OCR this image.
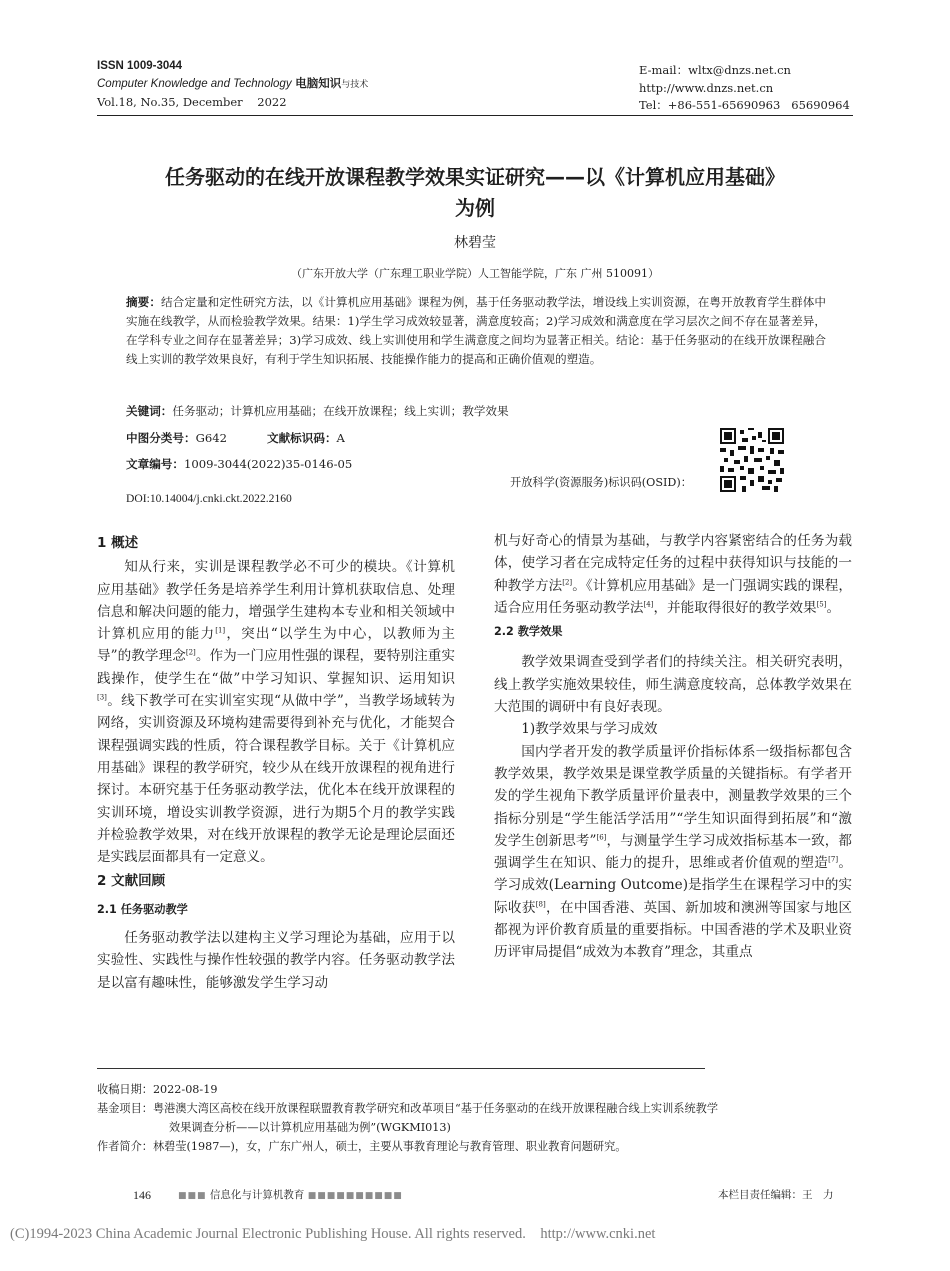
ISSN 1009-3044
Computer Knowledge and Technology 电脑知识与技术
Vol.18, No.35, December    2022
E-mail：wltx@dnzs.net.cn
http://www.dnzs.net.cn
Tel：+86-551-65690963   65690964
任务驱动的在线开放课程教学效果实证研究——以《计算机应用基础》
为例
林碧莹
（广东开放大学（广东理工职业学院）人工智能学院，广东 广州 510091）
摘要：结合定量和定性研究方法，以《计算机应用基础》课程为例，基于任务驱动教学法，增设线上实训资源，在粤开放教育学生群体中实施在线教学，从而检验教学效果。结果：1)学生学习成效较显著，满意度较高；2)学习成效和满意度在学习层次之间不存在显著差异，在学科专业之间存在显著差异；3)学习成效、线上实训使用和学生满意度之间均为显著正相关。结论：基于任务驱动的在线开放课程融合线上实训的教学效果良好，有利于学生知识拓展、技能操作能力的提高和正确价值观的塑造。
关键词：任务驱动；计算机应用基础；在线开放课程；线上实训；教学效果
中图分类号：G642	文献标识码：A
文章编号：1009-3044(2022)35-0146-05
开放科学(资源服务)标识码(OSID)：
DOI:10.14004/j.cnki.ckt.2022.2160
1 概述

知从行来，实训是课程教学必不可少的模块。《计算机应用基础》教学任务是培养学生利用计算机获取信息、处理信息和解决问题的能力，增强学生建构本专业和相关领域中计算机应用的能力[1]，突出“以学生为中心，以教师为主导”的教学理念[2]。作为一门应用性强的课程，要特别注重实践操作，使学生在“做”中学习知识、掌握知识、运用知识[3]。线下教学可在实训室实现“从做中学”，当教学场域转为网络，实训资源及环境构建需要得到补充与优化，才能契合课程强调实践的性质，符合课程教学目标。关于《计算机应用基础》课程的教学研究，较少从在线开放课程的视角进行探讨。本研究基于任务驱动教学法，优化本在线开放课程的实训环境，增设实训教学资源，进行为期5个月的教学实践并检验教学效果，对在线开放课程的教学无论是理论层面还是实践层面都具有一定意义。

2 文献回顾
2.1 任务驱动教学

任务驱动教学法以建构主义学习理论为基础，应用于以实验性、实践性与操作性较强的教学内容。任务驱动教学法是以富有趣味性，能够激发学生学习动

机与好奇心的情景为基础，与教学内容紧密结合的任务为载体，使学习者在完成特定任务的过程中获得知识与技能的一种教学方法[2]。《计算机应用基础》是一门强调实践的课程，适合应用任务驱动教学法[4]，并能取得很好的教学效果[5]。

2.2 教学效果

教学效果调查受到学者们的持续关注。相关研究表明，线上教学实施效果较佳，师生满意度较高，总体教学效果在大范围的调研中有良好表现。

1)教学效果与学习成效

国内学者开发的教学质量评价指标体系一级指标都包含教学效果，教学效果是课堂教学质量的关键指标。有学者开发的学生视角下教学质量评价量表中，测量教学效果的三个指标分别是“学生能活学活用”“学生知识面得到拓展”和“激发学生创新思考”[6]，与测量学生学习成效指标基本一致，都强调学生在知识、能力的提升，思维或者价值观的塑造[7]。学习成效(Learning Outcome)是指学生在课程学习中的实际收获[8]，在中国香港、英国、新加坡和澳洲等国家与地区都视为评价教育质量的重要指标。中国香港的学术及职业资历评审局提倡“成效为本教育”理念，其重点

收稿日期：2022-08-19
基金项目：粤港澳大湾区高校在线开放课程联盟教育教学研究和改革项目“基于任务驱动的在线开放课程融合线上实训系统教学
效果调查分析——以计算机应用基础为例”(WGKMI013)
作者简介：林碧莹(1987—)，女，广东广州人，硕士，主要从事教育理论与教育管理、职业教育问题研究。
146	■■■ 信息化与计算机教育 ■■■■■■■■■■	本栏目责任编辑：王　力
(C)1994-2023 China Academic Journal Electronic Publishing House. All rights reserved.    http://www.cnki.net
